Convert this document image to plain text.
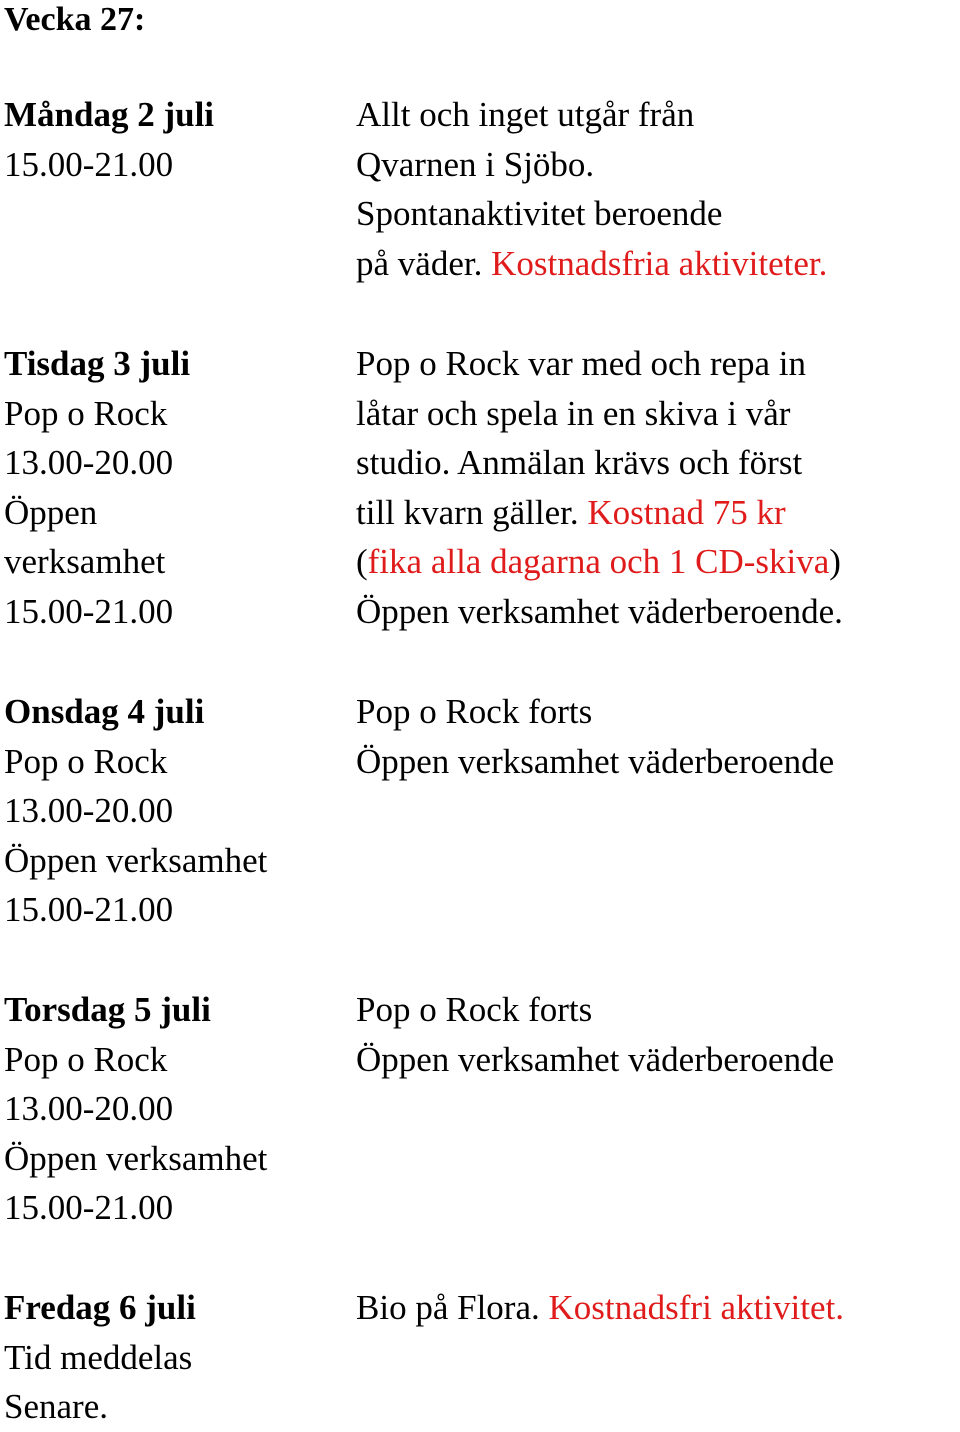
Vecka 27:
Måndag 2 juli
15.00-21.00
Allt och inget utgår från
Qvarnen i Sjöbo.
Spontanaktivitet beroende
på väder. Kostnadsfria aktiviteter.
Tisdag 3 juli
Pop o Rock
13.00-20.00
Öppen
verksamhet
15.00-21.00
Pop o Rock var med och repa in
låtar och spela in en skiva i vår
studio. Anmälan krävs och först
till kvarn gäller. Kostnad 75 kr
(fika alla dagarna och 1 CD-skiva)
Öppen verksamhet väderberoende.
Onsdag 4 juli
Pop o Rock
13.00-20.00
Öppen verksamhet
15.00-21.00
Pop o Rock forts
Öppen verksamhet väderberoende
Torsdag 5 juli
Pop o Rock
13.00-20.00
Öppen verksamhet
15.00-21.00
Pop o Rock forts
Öppen verksamhet väderberoende
Fredag 6 juli
Tid meddelas
Senare.
Bio på Flora. Kostnadsfri aktivitet.
